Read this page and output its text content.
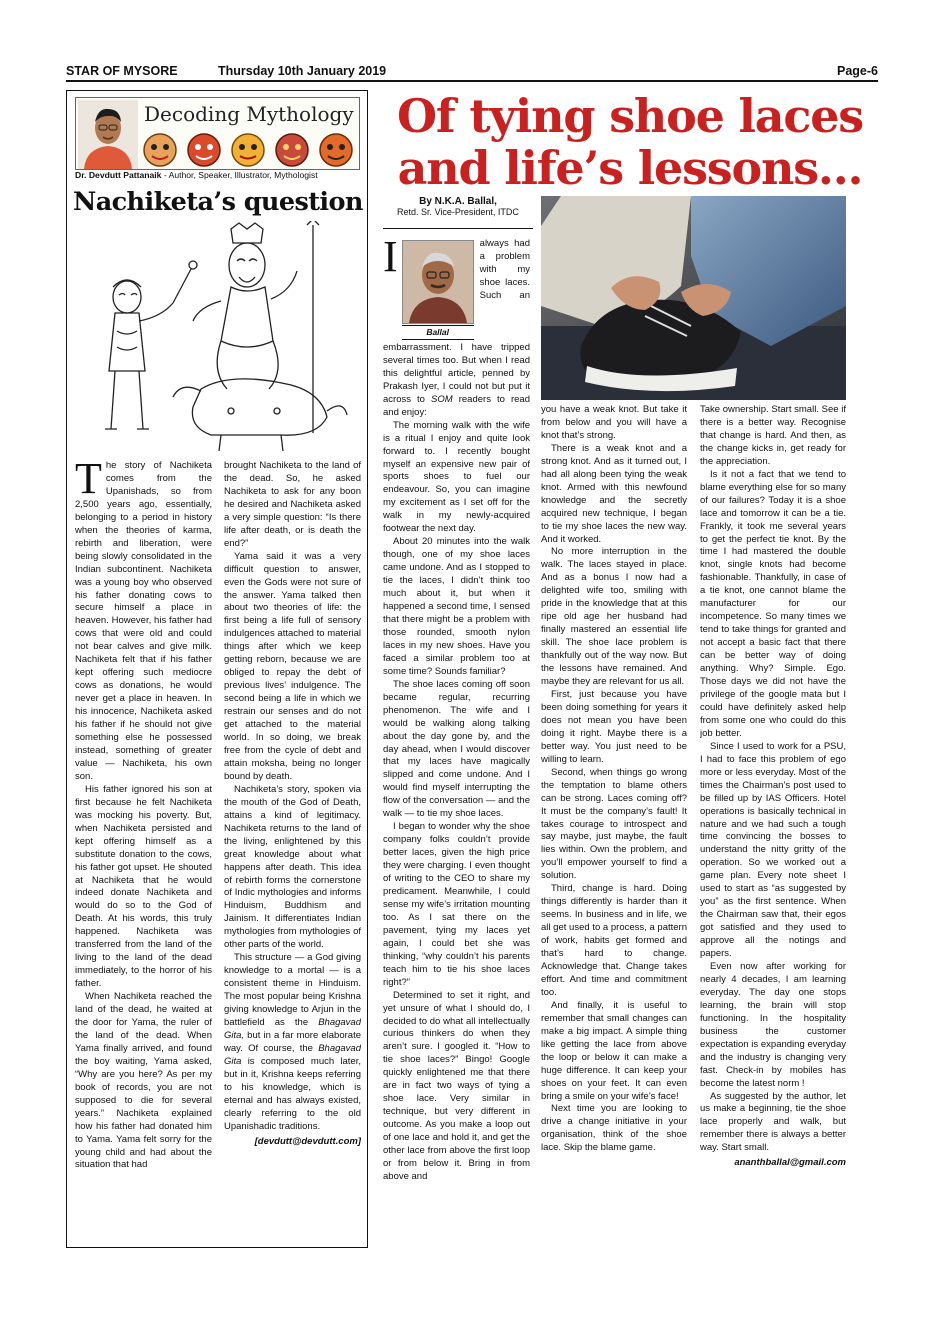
STAR OF MYSORE	Thursday 10th January 2019	Page-6
Decoding Mythology
Dr. Devdutt Pattanaik - Author, Speaker, Illustrator, Mythologist
Nachiketa’s question

The story of Nachiketa comes from the Upanishads, so from 2,500 years ago, essentially, belonging to a period in history when the theories of karma, rebirth and liberation, were being slowly consolidated in the Indian subcontinent. Nachiketa was a young boy who observed his father donating cows to secure himself a place in heaven. However, his father had cows that were old and could not bear calves and give milk. Nachiketa felt that if his father kept offering such mediocre cows as donations, he would never get a place in heaven. In his innocence, Nachiketa asked his father if he should not give something else he possessed instead, something of greater value — Nachiketa, his own son.

His father ignored his son at first because he felt Nachiketa was mocking his poverty. But, when Nachiketa persisted and kept offering himself as a substitute donation to the cows, his father got upset. He shouted at Nachiketa that he would indeed donate Nachiketa and would do so to the God of Death. At his words, this truly happened. Nachiketa was transferred from the land of the living to the land of the dead immediately, to the horror of his father.

When Nachiketa reached the land of the dead, he waited at the door for Yama, the ruler of the land of the dead. When Yama finally arrived, and found the boy waiting, Yama asked, “Why are you here? As per my book of records, you are not supposed to die for several years.” Nachiketa explained how his father had donated him to Yama. Yama felt sorry for the young child and had about the situation that had

brought Nachiketa to the land of the dead. So, he asked Nachiketa to ask for any boon he desired and Nachiketa asked a very simple question: “Is there life after death, or is death the end?”

Yama said it was a very difficult question to answer, even the Gods were not sure of the answer. Yama talked then about two theories of life: the first being a life full of sensory indulgences attached to material things after which we keep getting reborn, because we are obliged to repay the debt of previous lives’ indulgence. The second being a life in which we restrain our senses and do not get attached to the material world. In so doing, we break free from the cycle of debt and attain moksha, being no longer bound by death.

Nachiketa’s story, spoken via the mouth of the God of Death, attains a kind of legitimacy. Nachiketa returns to the land of the living, enlightened by this great knowledge about what happens after death. This idea of rebirth forms the cornerstone of Indic mythologies and informs Hinduism, Buddhism and Jainism. It differentiates Indian mythologies from mythologies of other parts of the world.

This structure — a God giving knowledge to a mortal — is a consistent theme in Hinduism. The most popular being Krishna giving knowledge to Arjun in the battlefield as the Bhagavad Gita, but in a far more elaborate way. Of course, the Bhagavad Gita is composed much later, but in it, Krishna keeps referring to his knowledge, which is eternal and has always existed, clearly referring to the old Upanishadic traditions.

[devdutt@devdutt.com]
Of tying shoe laces
and life’s lessons...
By N.K.A. Ballal,
Retd. Sr. Vice-President, ITDC

I
Ballal
always had a problem with my shoe laces. Such an embarrassment. I have tripped several times too. But when I read this delightful article, penned by Prakash Iyer, I could not but put it across to SOM readers to read and enjoy:

The morning walk with the wife is a ritual I enjoy and quite look forward to. I recently bought myself an expensive new pair of sports shoes to fuel our endeavour. So, you can imagine my excitement as I set off for the walk in my newly-acquired footwear the next day.

About 20 minutes into the walk though, one of my shoe laces came undone. And as I stopped to tie the laces, I didn’t think too much about it, but when it happened a second time, I sensed that there might be a problem with those rounded, smooth nylon laces in my new shoes. Have you faced a similar problem too at some time? Sounds familiar?

The shoe laces coming off soon became regular, recurring phenomenon. The wife and I would be walking along talking about the day gone by, and the day ahead, when I would discover that my laces have magically slipped and come undone. And I would find myself interrupting the flow of the conversation — and the walk — to tie my shoe laces.

I began to wonder why the shoe company folks couldn’t provide better laces, given the high price they were charging. I even thought of writing to the CEO to share my predicament. Meanwhile, I could sense my wife’s irritation mounting too. As I sat there on the pavement, tying my laces yet again, I could bet she was thinking, “why couldn’t his parents teach him to tie his shoe laces right?”

Determined to set it right, and yet unsure of what I should do, I decided to do what all intellectually curious thinkers do when they aren’t sure. I googled it. “How to tie shoe laces?” Bingo! Google quickly enlightened me that there are in fact two ways of tying a shoe lace. Very similar in technique, but very different in outcome. As you make a loop out of one lace and hold it, and get the other lace from above the first loop or from below it. Bring in from above and

you have a weak knot. But take it from below and you will have a knot that’s strong.

There is a weak knot and a strong knot. And as it turned out, I had all along been tying the weak knot. Armed with this newfound knowledge and the secretly acquired new technique, I began to tie my shoe laces the new way. And it worked.

No more interruption in the walk. The laces stayed in place. And as a bonus I now had a delighted wife too, smiling with pride in the knowledge that at this ripe old age her husband had finally mastered an essential life skill. The shoe lace problem is thankfully out of the way now. But the lessons have remained. And maybe they are relevant for us all.

First, just because you have been doing something for years it does not mean you have been doing it right. Maybe there is a better way. You just need to be willing to learn.

Second, when things go wrong the temptation to blame others can be strong. Laces coming off? It must be the company’s fault! It takes courage to introspect and say maybe, just maybe, the fault lies within. Own the problem, and you’ll empower yourself to find a solution.

Third, change is hard. Doing things differently is harder than it seems. In business and in life, we all get used to a process, a pattern of work, habits get formed and that’s hard to change. Acknowledge that. Change takes effort. And time and commitment too.

And finally, it is useful to remember that small changes can make a big impact. A simple thing like getting the lace from above the loop or below it can make a huge difference. It can keep your shoes on your feet. It can even bring a smile on your wife’s face!

Next time you are looking to drive a change initiative in your organisation, think of the shoe lace. Skip the blame game.

Take ownership. Start small. See if there is a better way. Recognise that change is hard. And then, as the change kicks in, get ready for the appreciation.

Is it not a fact that we tend to blame everything else for so many of our failures? Today it is a shoe lace and tomorrow it can be a tie. Frankly, it took me several years to get the perfect tie knot. By the time I had mastered the double knot, single knots had become fashionable. Thankfully, in case of a tie knot, one cannot blame the manufacturer for our incompetence. So many times we tend to take things for granted and not accept a basic fact that there can be better way of doing anything. Why? Simple. Ego. Those days we did not have the privilege of the google mata but I could have definitely asked help from some one who could do this job better.

Since I used to work for a PSU, I had to face this problem of ego more or less everyday. Most of the times the Chairman’s post used to be filled up by IAS Officers. Hotel operations is basically technical in nature and we had such a tough time convincing the bosses to understand the nitty gritty of the operation. So we worked out a game plan. Every note sheet I used to start as “as suggested by you” as the first sentence. When the Chairman saw that, their egos got satisfied and they used to approve all the notings and papers.

Even now after working for nearly 4 decades, I am learning everyday. The day one stops learning, the brain will stop functioning. In the hospitality business the customer expectation is expanding everyday and the industry is changing very fast. Check-in by mobiles has become the latest norm !

As suggested by the author, let us make a beginning, tie the shoe lace properly and walk, but remember there is always a better way. Start small.

ananthballal@gmail.com
